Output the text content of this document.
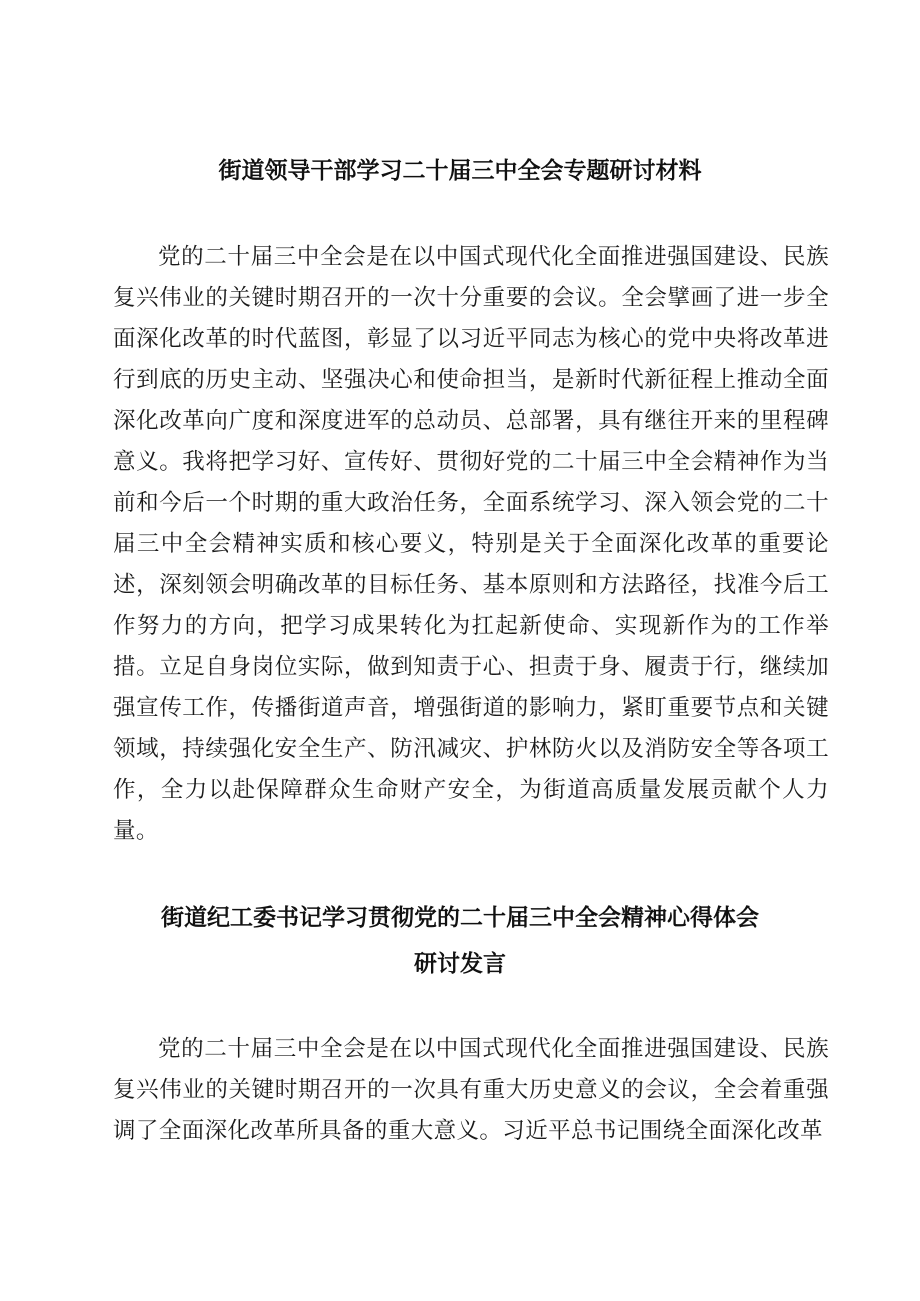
街道领导干部学习二十届三中全会专题研讨材料

党的二十届三中全会是在以中国式现代化全面推进强国建设、民族复兴伟业的关键时期召开的一次十分重要的会议。全会擘画了进一步全面深化改革的时代蓝图，彰显了以习近平同志为核心的党中央将改革进行到底的历史主动、坚强决心和使命担当，是新时代新征程上推动全面深化改革向广度和深度进军的总动员、总部署，具有继往开来的里程碑意义。我将把学习好、宣传好、贯彻好党的二十届三中全会精神作为当前和今后一个时期的重大政治任务，全面系统学习、深入领会党的二十届三中全会精神实质和核心要义，特别是关于全面深化改革的重要论述，深刻领会明确改革的目标任务、基本原则和方法路径，找准今后工作努力的方向，把学习成果转化为扛起新使命、实现新作为的工作举措。立足自身岗位实际，做到知责于心、担责于身、履责于行，继续加强宣传工作，传播街道声音，增强街道的影响力，紧盯重要节点和关键领域，持续强化安全生产、防汛减灾、护林防火以及消防安全等各项工作，全力以赴保障群众生命财产安全，为街道高质量发展贡献个人力量。

街道纪工委书记学习贯彻党的二十届三中全会精神心得体会
研讨发言

党的二十届三中全会是在以中国式现代化全面推进强国建设、民族复兴伟业的关键时期召开的一次具有重大历史意义的会议，全会着重强调了全面深化改革所具备的重大意义。习近平总书记围绕全面深化改革
